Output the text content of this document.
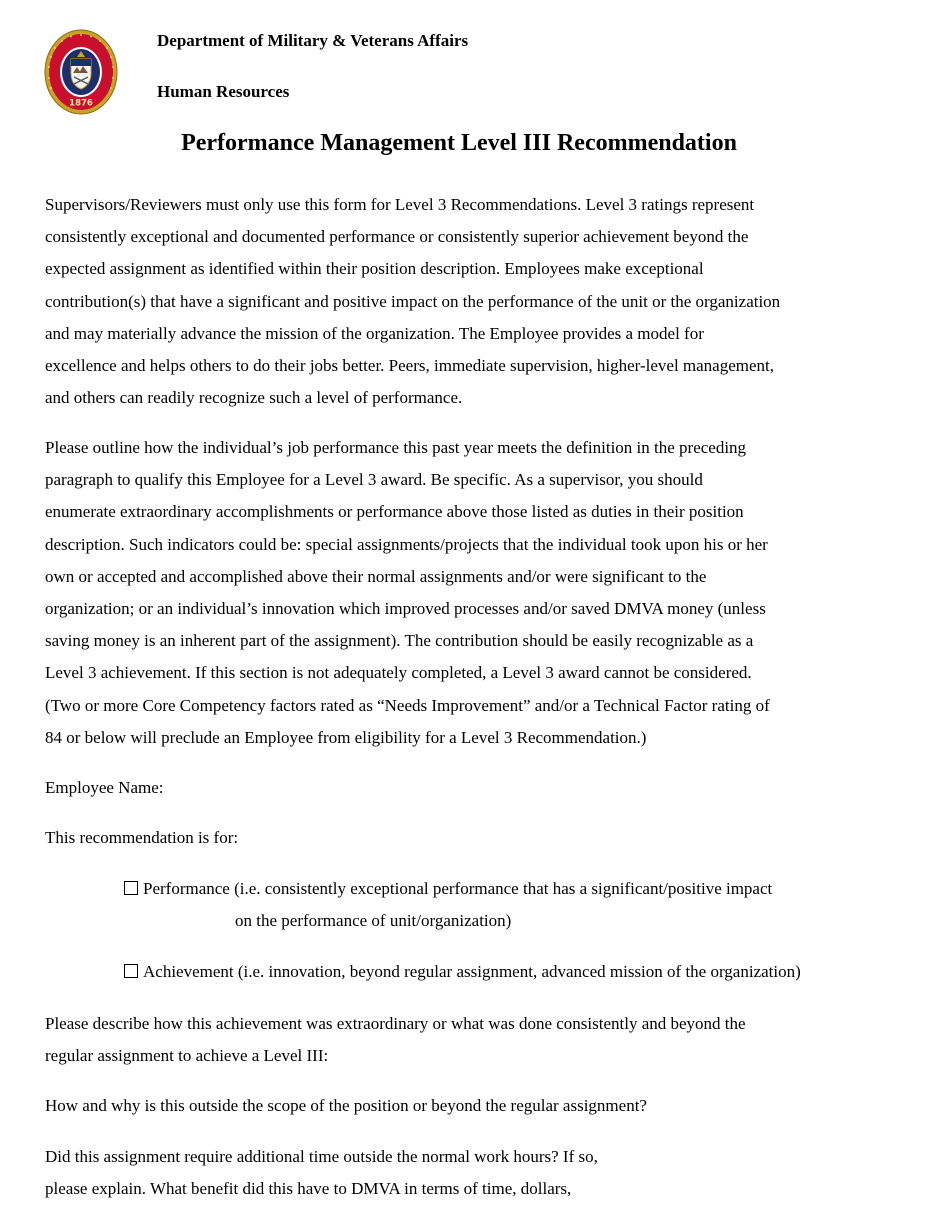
1876
Department of Military & Veterans Affairs
Human Resources
Performance Management Level III Recommendation
Supervisors/Reviewers must only use this form for Level 3 Recommendations. Level 3 ratings represent
consistently exceptional and documented performance or consistently superior achievement beyond the
expected assignment as identified within their position description. Employees make exceptional
contribution(s) that have a significant and positive impact on the performance of the unit or the organization
and may materially advance the mission of the organization. The Employee provides a model for
excellence and helps others to do their jobs better. Peers, immediate supervision, higher-level management,
and others can readily recognize such a level of performance.
Please outline how the individual’s job performance this past year meets the definition in the preceding
paragraph to qualify this Employee for a Level 3 award. Be specific. As a supervisor, you should
enumerate extraordinary accomplishments or performance above those listed as duties in their position
description. Such indicators could be: special assignments/projects that the individual took upon his or her
own or accepted and accomplished above their normal assignments and/or were significant to the
organization; or an individual’s innovation which improved processes and/or saved DMVA money (unless
saving money is an inherent part of the assignment). The contribution should be easily recognizable as a
Level 3 achievement. If this section is not adequately completed, a Level 3 award cannot be considered.
(Two or more Core Competency factors rated as “Needs Improvement” and/or a Technical Factor rating of
84 or below will preclude an Employee from eligibility for a Level 3 Recommendation.)
Employee Name:
This recommendation is for:
Performance (i.e. consistently exceptional performance that has a significant/positive impact
on the performance of unit/organization)
Achievement (i.e. innovation, beyond regular assignment, advanced mission of the organization)
Please describe how this achievement was extraordinary or what was done consistently and beyond the
regular assignment to achieve a Level III:
How and why is this outside the scope of the position or beyond the regular assignment?
Did this assignment require additional time outside the normal work hours? If so,
please explain. What benefit did this have to DMVA in terms of time, dollars,
